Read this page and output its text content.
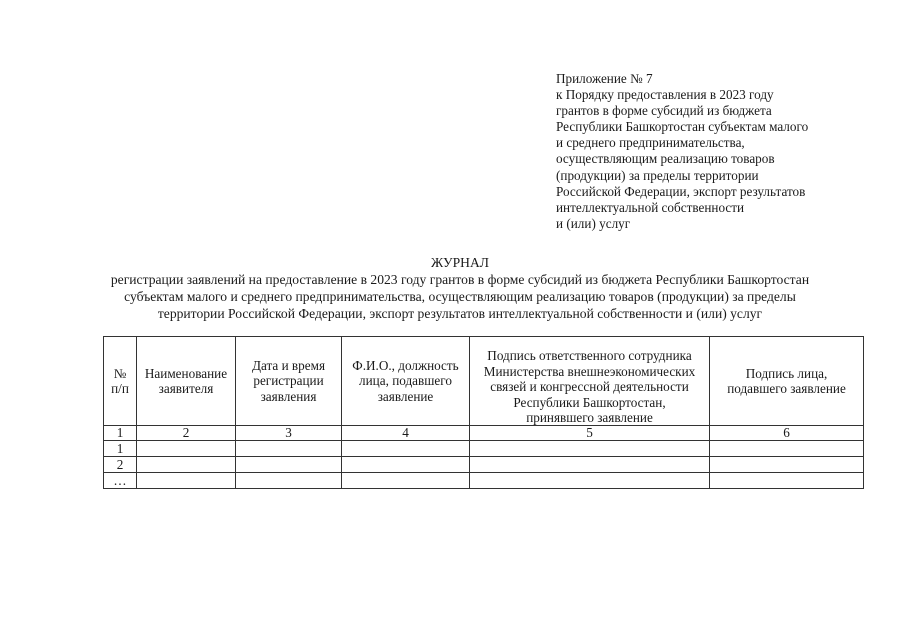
Приложение № 7
к Порядку предоставления в 2023 году
грантов в форме субсидий из бюджета
Республики Башкортостан субъектам малого
и среднего предпринимательства,
осуществляющим реализацию товаров
(продукции) за пределы территории
Российской Федерации, экспорт результатов
интеллектуальной собственности
и (или) услуг
ЖУРНАЛ
регистрации заявлений на предоставление в 2023 году грантов в форме субсидий из бюджета Республики Башкортостан
субъектам малого и среднего предпринимательства, осуществляющим реализацию товаров (продукции) за пределы
территории Российской Федерации, экспорт результатов интеллектуальной собственности и (или) услуг
№
п/п	Наименование
заявителя	Дата и время
регистрации
заявления	Ф.И.О., должность
лица, подавшего
заявление	Подпись ответственного сотрудника
Министерства внешнеэкономических
связей и конгрессной деятельности
Республики Башкортостан,
принявшего заявление	Подпись лица,
подавшего заявление

1	2	3	4	5	6
1					
2					
…					
